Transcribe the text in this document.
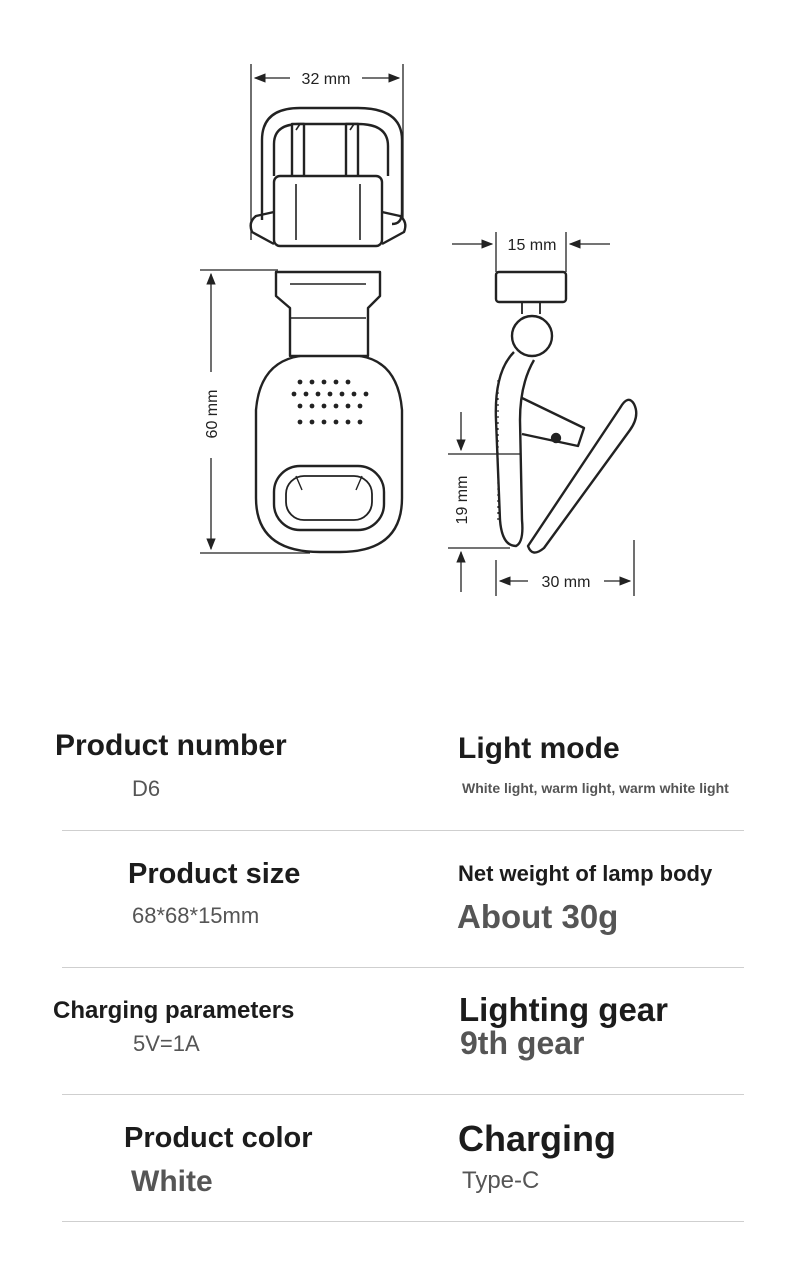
32 mm
60 mm
15 mm
19 mm
30 mm
Product number
D6
Light mode
White light, warm light, warm white light
Product size
68*68*15mm
Net weight of lamp body
About 30g
Charging parameters
5V=1A
Lighting gear
9th gear
Product color
White
Charging
Type-C
